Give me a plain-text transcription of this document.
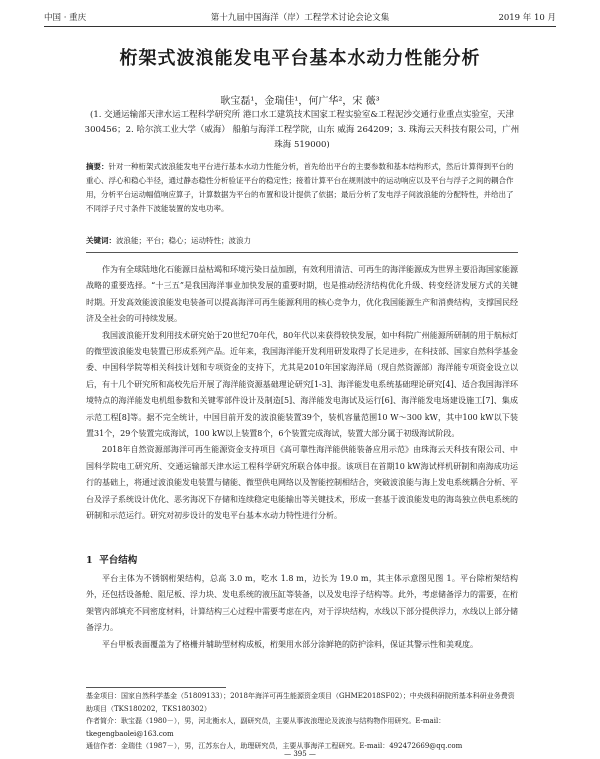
中国 · 重庆	第十九届中国海洋（岸）工程学术讨论会论文集	2019 年 10 月
桁架式波浪能发电平台基本水动力性能分析
耿宝磊¹，金瑞佳¹，何广华²，宋 薇³
(1. 交通运输部天津水运工程科学研究所 港口水工建筑技术国家工程实验室&工程泥沙交通行业重点实验室，天津 300456；2. 哈尔滨工业大学（威海） 船舶与海洋工程学院，山东 威海 264209；3. 珠海云天科技有限公司，广州 珠海 519000)
摘要：针对一种桁架式波浪能发电平台进行基本水动力性能分析，首先给出平台的主要参数和基本结构形式，然后计算得到平台的重心、浮心和稳心半径，通过静态稳性分析验证平台的稳定性；接着计算平台在规则波中的运动响应以及平台与浮子之间的耦合作用，分析平台运动幅值响应算子，计算数据为平台的布置和设计提供了依据；最后分析了发电浮子间波浪能的分配特性，并给出了不同浮子尺寸条件下波能装置的发电功率。
关键词：波浪能；平台；稳心；运动特性；波浪力

作为有全球陆地化石能源日益枯竭和环境污染日益加剧，有效利用清洁、可再生的海洋能源成为世界主要沿海国家能源战略的重要选择。“十三五”是我国海洋事业加快发展的重要时期，也是推动经济结构优化升级、转变经济发展方式的关键时期。开发高效能波浪能发电装备可以提高海洋可再生能源利用的核心竞争力，优化我国能源生产和消费结构，支撑国民经济及全社会的可持续发展。

我国波浪能开发利用技术研究始于20世纪70年代，80年代以来获得较快发展，如中科院广州能源所研制的用于航标灯的微型波浪能发电装置已形成系列产品。近年来，我国海洋能开发利用研发取得了长足进步，在科技部、国家自然科学基金委、中国科学院等相关科技计划和专项资金的支持下，尤其是2010年国家海洋局（现自然资源部）海洋能专项资金设立以后，有十几个研究所和高校先后开展了海洋能资源基础理论研究[1-3]、海洋能发电系统基础理论研究[4]、适合我国海洋环境特点的海洋能发电机组参数和关键零部件设计及制造[5]、海洋能发电海试及运行[6]、海洋能发电场建设施工[7]、集成示范工程[8]等。据不完全统计，中国目前开发的波浪能装置39个，装机容量范围10 W～300 kW，其中100 kW以下装置31个，29个装置完成海试，100 kW以上装置8个，6个装置完成海试，装置大部分属于初级海试阶段。

2018年自然资源部海洋可再生能源资金支持项目《高可靠性海洋能供能装备应用示范》由珠海云天科技有限公司、中国科学院电工研究所、交通运输部天津水运工程科学研究所联合体申报。该项目在首期10 kW海试样机研制和南海成功运行的基础上，将通过波浪能发电装置与储能、微型供电网络以及智能控制相结合，突破波浪能与海上发电系统耦合分析、平台及浮子系统设计优化、恶劣海况下存储和连续稳定电能输出等关键技术，形成一套基于波浪能发电的海岛独立供电系统的研制和示范运行。研究对初步设计的发电平台基本水动力特性进行分析。

1 平台结构

平台主体为不锈钢桁架结构，总高 3.0 m，吃水 1.8 m，边长为 19.0 m，其主体示意图见图 1。平台除桁架结构外，还包括设备舱、阻尼板、浮力块、发电系统的液压缸等装备，以及发电浮子结构等。此外，考虑储备浮力的需要，在桁架管内部填充不同密度材料，计算结构三心过程中需要考虑在内，对于浮块结构，水线以下部分提供浮力，水线以上部分储备浮力。

平台甲板表面覆盖为了格栅并辅助型材构成板，桁架用水部分涂鲜艳的防护涂料，保证其警示性和美观度。

基金项目：国家自然科学基金（51809133）；2018年海洋可再生能源资金项目（GHME2018SF02）；中央级科研院所基本科研业务费资助项目（TKS180202，TKS180302）
作者简介：耿宝磊（1980－），男，河北衡水人，副研究员，主要从事波浪理论及波浪与结构物作用研究。E-mail：tkegengbaolei@163.com
通信作者：金瑞佳（1987－），男，江苏东台人，助理研究员，主要从事海洋工程研究。E-mail：492472669@qq.com
— 395 —
